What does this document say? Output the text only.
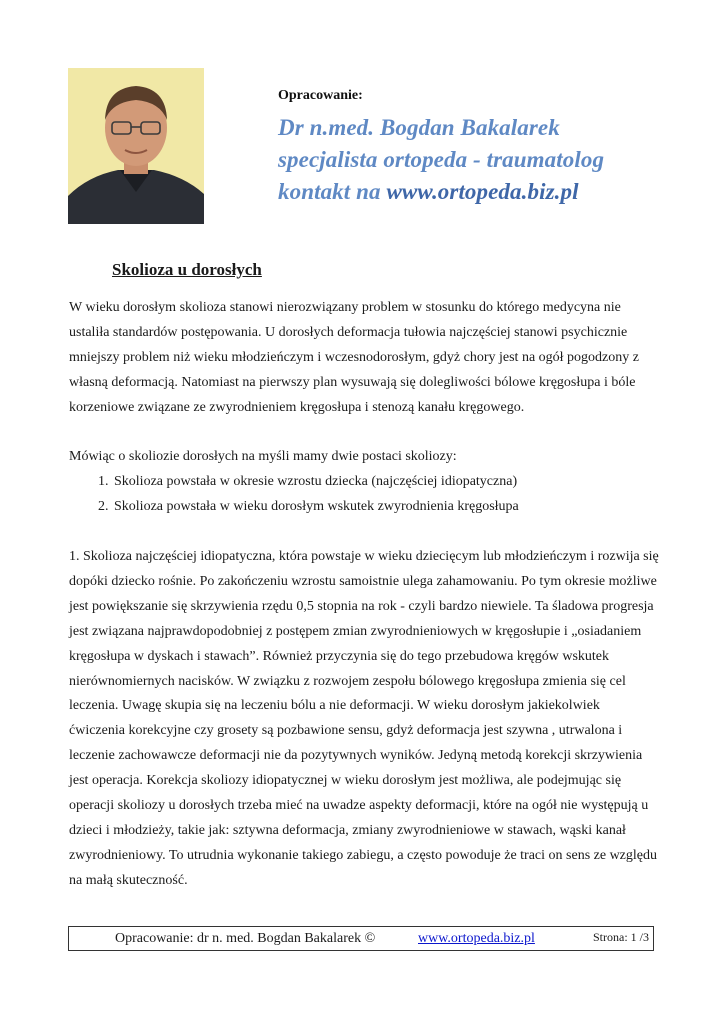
Opracowanie:
Dr n.med. Bogdan Bakalarek
specjalista ortopeda - traumatolog
kontakt na www.ortopeda.biz.pl
Skolioza u dorosłych

W wieku dorosłym skolioza stanowi nierozwiązany problem w stosunku do którego medycyna nie ustaliła standardów postępowania. U dorosłych deformacja tułowia najczęściej stanowi psychicznie mniejszy problem niż wieku młodzieńczym i wczesnodorosłym, gdyż chory jest na ogół pogodzony z własną deformacją. Natomiast na pierwszy plan wysuwają się dolegliwości bólowe kręgosłupa i bóle korzeniowe związane ze zwyrodnieniem kręgosłupa i stenozą kanału kręgowego.

Mówiąc o skoliozie dorosłych na myśli mamy dwie postaci skoliozy:

1. Skolioza powstała w okresie wzrostu dziecka (najczęściej idiopatyczna)
2. Skolioza powstała w wieku dorosłym wskutek zwyrodnienia kręgosłupa

1. Skolioza najczęściej idiopatyczna, która powstaje w wieku dziecięcym lub młodzieńczym i rozwija się dopóki dziecko rośnie. Po zakończeniu wzrostu samoistnie ulega zahamowaniu. Po tym okresie możliwe jest powiększanie się skrzywienia rzędu 0,5 stopnia na rok - czyli bardzo niewiele. Ta śladowa progresja jest związana najprawdopodobniej z postępem zmian zwyrodnieniowych w kręgosłupie i „osiadaniem kręgosłupa w dyskach i stawach”. Również przyczynia się do tego przebudowa kręgów wskutek nierównomiernych nacisków. W związku z rozwojem zespołu bólowego kręgosłupa zmienia się cel leczenia. Uwagę skupia się na leczeniu bólu a nie deformacji. W wieku dorosłym jakiekolwiek ćwiczenia korekcyjne czy grosety są pozbawione sensu, gdyż deformacja jest szywna , utrwalona i leczenie zachowawcze deformacji nie da pozytywnych wyników. Jedyną metodą korekcji skrzywienia jest operacja. Korekcja skoliozy idiopatycznej w wieku dorosłym jest możliwa, ale podejmując się operacji skoliozy u dorosłych trzeba mieć na uwadze aspekty deformacji, które na ogół nie występują u dzieci i młodzieży, takie jak: sztywna deformacja, zmiany zwyrodnieniowe w stawach, wąski kanał zwyrodnieniowy. To utrudnia wykonanie takiego zabiegu, a często powoduje że traci on sens ze względu na małą skuteczność.

Opracowanie: dr n. med. Bogdan Bakalarek ©	www.ortopeda.biz.pl	Strona: 1 /3
